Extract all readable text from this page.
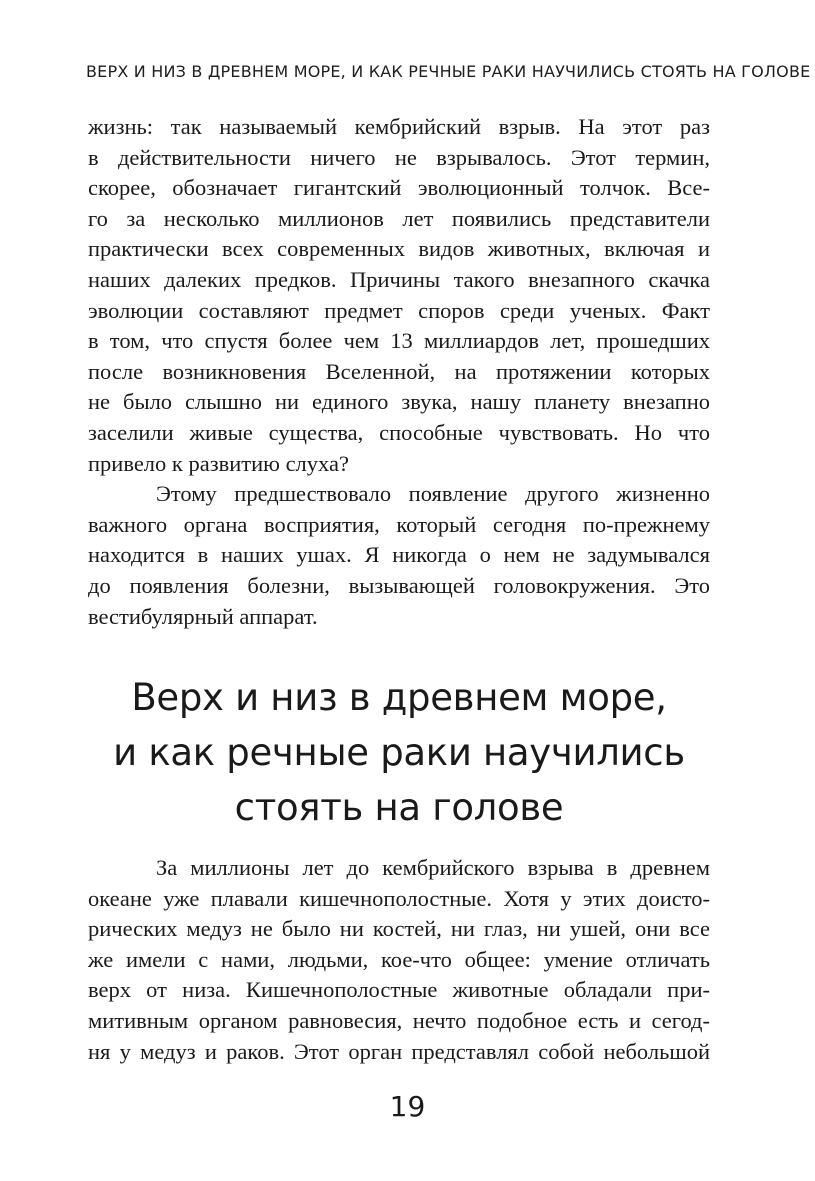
ВЕРХ И НИЗ В ДРЕВНЕМ МОРЕ, И КАК РЕЧНЫЕ РАКИ НАУЧИЛИСЬ СТОЯТЬ НА ГОЛОВЕ
жизнь: так называемый кембрийский взрыв. На этот раз
в действительности ничего не взрывалось. Этот термин,
скорее, обозначает гигантский эволюционный толчок. Все-
го за несколько миллионов лет появились представители
практически всех современных видов животных, включая и
наших далеких предков. Причины такого внезапного скачка
эволюции составляют предмет споров среди ученых. Факт
в том, что спустя более чем 13 миллиардов лет, прошедших
после возникновения Вселенной, на протяжении которых
не было слышно ни единого звука, нашу планету внезапно
заселили живые существа, способные чувствовать. Но что
привело к развитию слуха?
Этому предшествовало появление другого жизненно
важного органа восприятия, который сегодня по-прежнему
находится в наших ушах. Я никогда о нем не задумывался
до появления болезни, вызывающей головокружения. Это
вестибулярный аппарат.
Верх и низ в древнем море,
и как речные раки научились
стоять на голове
За миллионы лет до кембрийского взрыва в древнем
океане уже плавали кишечнополостные. Хотя у этих доисто-
рических медуз не было ни костей, ни глаз, ни ушей, они все
же имели с нами, людьми, кое-что общее: умение отличать
верх от низа. Кишечнополостные животные обладали при-
митивным органом равновесия, нечто подобное есть и сегод-
ня у медуз и раков. Этот орган представлял собой небольшой
19
